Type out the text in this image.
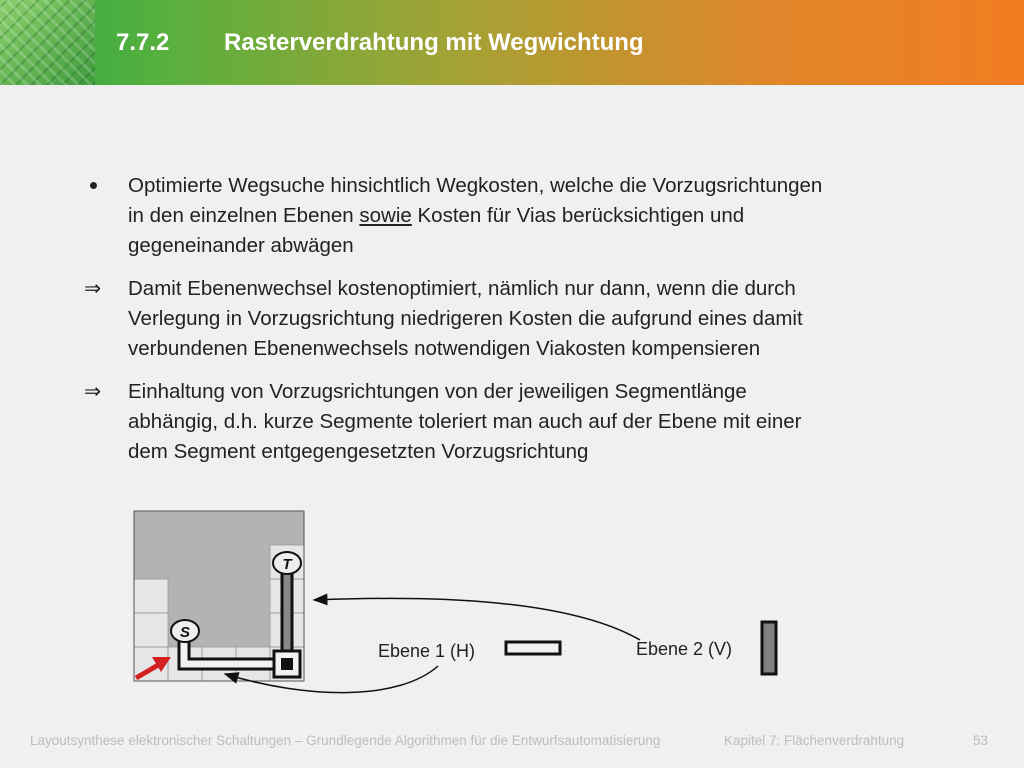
7.7.2 Rasterverdrahtung mit Wegwichtung
Optimierte Wegsuche hinsichtlich Wegkosten, welche die Vorzugsrichtungen
in den einzelnen Ebenen sowie Kosten für Vias berücksichtigen und
gegeneinander abwägen
⇒	Damit Ebenenwechsel kostenoptimiert, nämlich nur dann, wenn die durch
Verlegung in Vorzugsrichtung niedrigeren Kosten die aufgrund eines damit
verbundenen Ebenenwechsels notwendigen Viakosten kompensieren
⇒	Einhaltung von Vorzugsrichtungen von der jeweiligen Segmentlänge
abhängig, d.h. kurze Segmente toleriert man auch auf der Ebene mit einer
dem Segment entgegengesetzten Vorzugsrichtung
S
T
Ebene 1 (H)	Ebene 2 (V)
Layoutsynthese elektronischer Schaltungen – Grundlegende Algorithmen für die Entwurfsautomatisierung	Kapitel 7: Flächenverdrahtung	53
